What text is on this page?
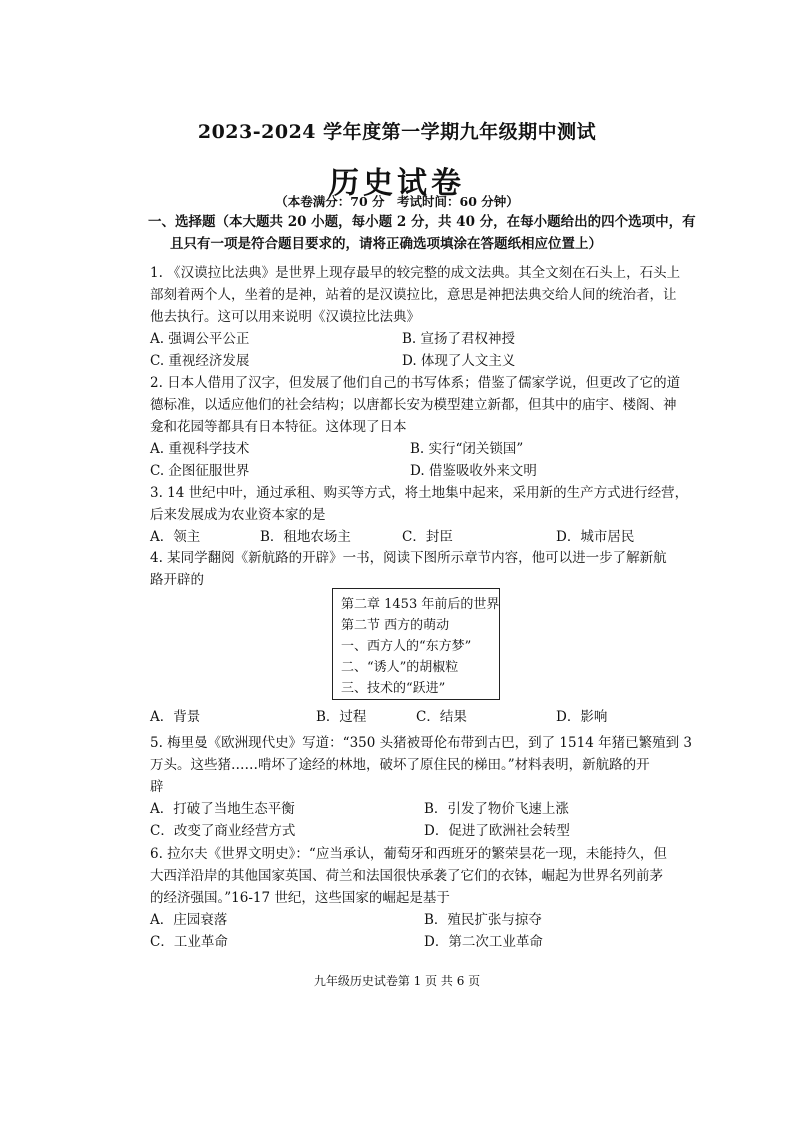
2023-2024 学年度第一学期九年级期中测试
历史试卷
（本卷满分：70 分　考试时间：60 分钟）
一、选择题（本大题共 20 小题，每小题 2 分，共 40 分，在每小题给出的四个选项中，有
且只有一项是符合题目要求的，请将正确选项填涂在答题纸相应位置上）
1. 《汉谟拉比法典》是世界上现存最早的较完整的成文法典。其全文刻在石头上，石头上
部刻着两个人，坐着的是神，站着的是汉谟拉比，意思是神把法典交给人间的统治者，让
他去执行。这可以用来说明《汉谟拉比法典》
A. 强调公平公正	B. 宣扬了君权神授
C. 重视经济发展	D. 体现了人文主义
2. 日本人借用了汉字，但发展了他们自己的书写体系；借鉴了儒家学说，但更改了它的道
德标准，以适应他们的社会结构；以唐都长安为模型建立新都，但其中的庙宇、楼阁、神
龛和花园等都具有日本特征。这体现了日本
A. 重视科学技术	B. 实行“闭关锁国”
C. 企图征服世界	D. 借鉴吸收外来文明
3. 14 世纪中叶，通过承租、购买等方式，将土地集中起来，采用新的生产方式进行经营，
后来发展成为农业资本家的是
A．领主	B．租地农场主	C．封臣	D．城市居民
4. 某同学翻阅《新航路的开辟》一书，阅读下图所示章节内容，他可以进一步了解新航
路开辟的
第二章 1453 年前后的世界
第二节 西方的萌动
一、西方人的“东方梦”
二、“诱人”的胡椒粒
三、技术的“跃进”
A．背景	B．过程	C．结果	D．影响
5. 梅里曼《欧洲现代史》写道：“350 头猪被哥伦布带到古巴，到了 1514 年猪已繁殖到 3
万头。这些猪……啃坏了途经的林地，破坏了原住民的梯田。”材料表明，新航路的开
辟
A．打破了当地生态平衡	B．引发了物价飞速上涨
C．改变了商业经营方式	D．促进了欧洲社会转型
6. 拉尔夫《世界文明史》：“应当承认，葡萄牙和西班牙的繁荣昙花一现，未能持久，但
大西洋沿岸的其他国家英国、荷兰和法国很快承袭了它们的衣钵，崛起为世界名列前茅
的经济强国。”16-17 世纪，这些国家的崛起是基于
A．庄园衰落	B．殖民扩张与掠夺
C．工业革命	D．第二次工业革命
九年级历史试卷第 1 页 共 6 页
